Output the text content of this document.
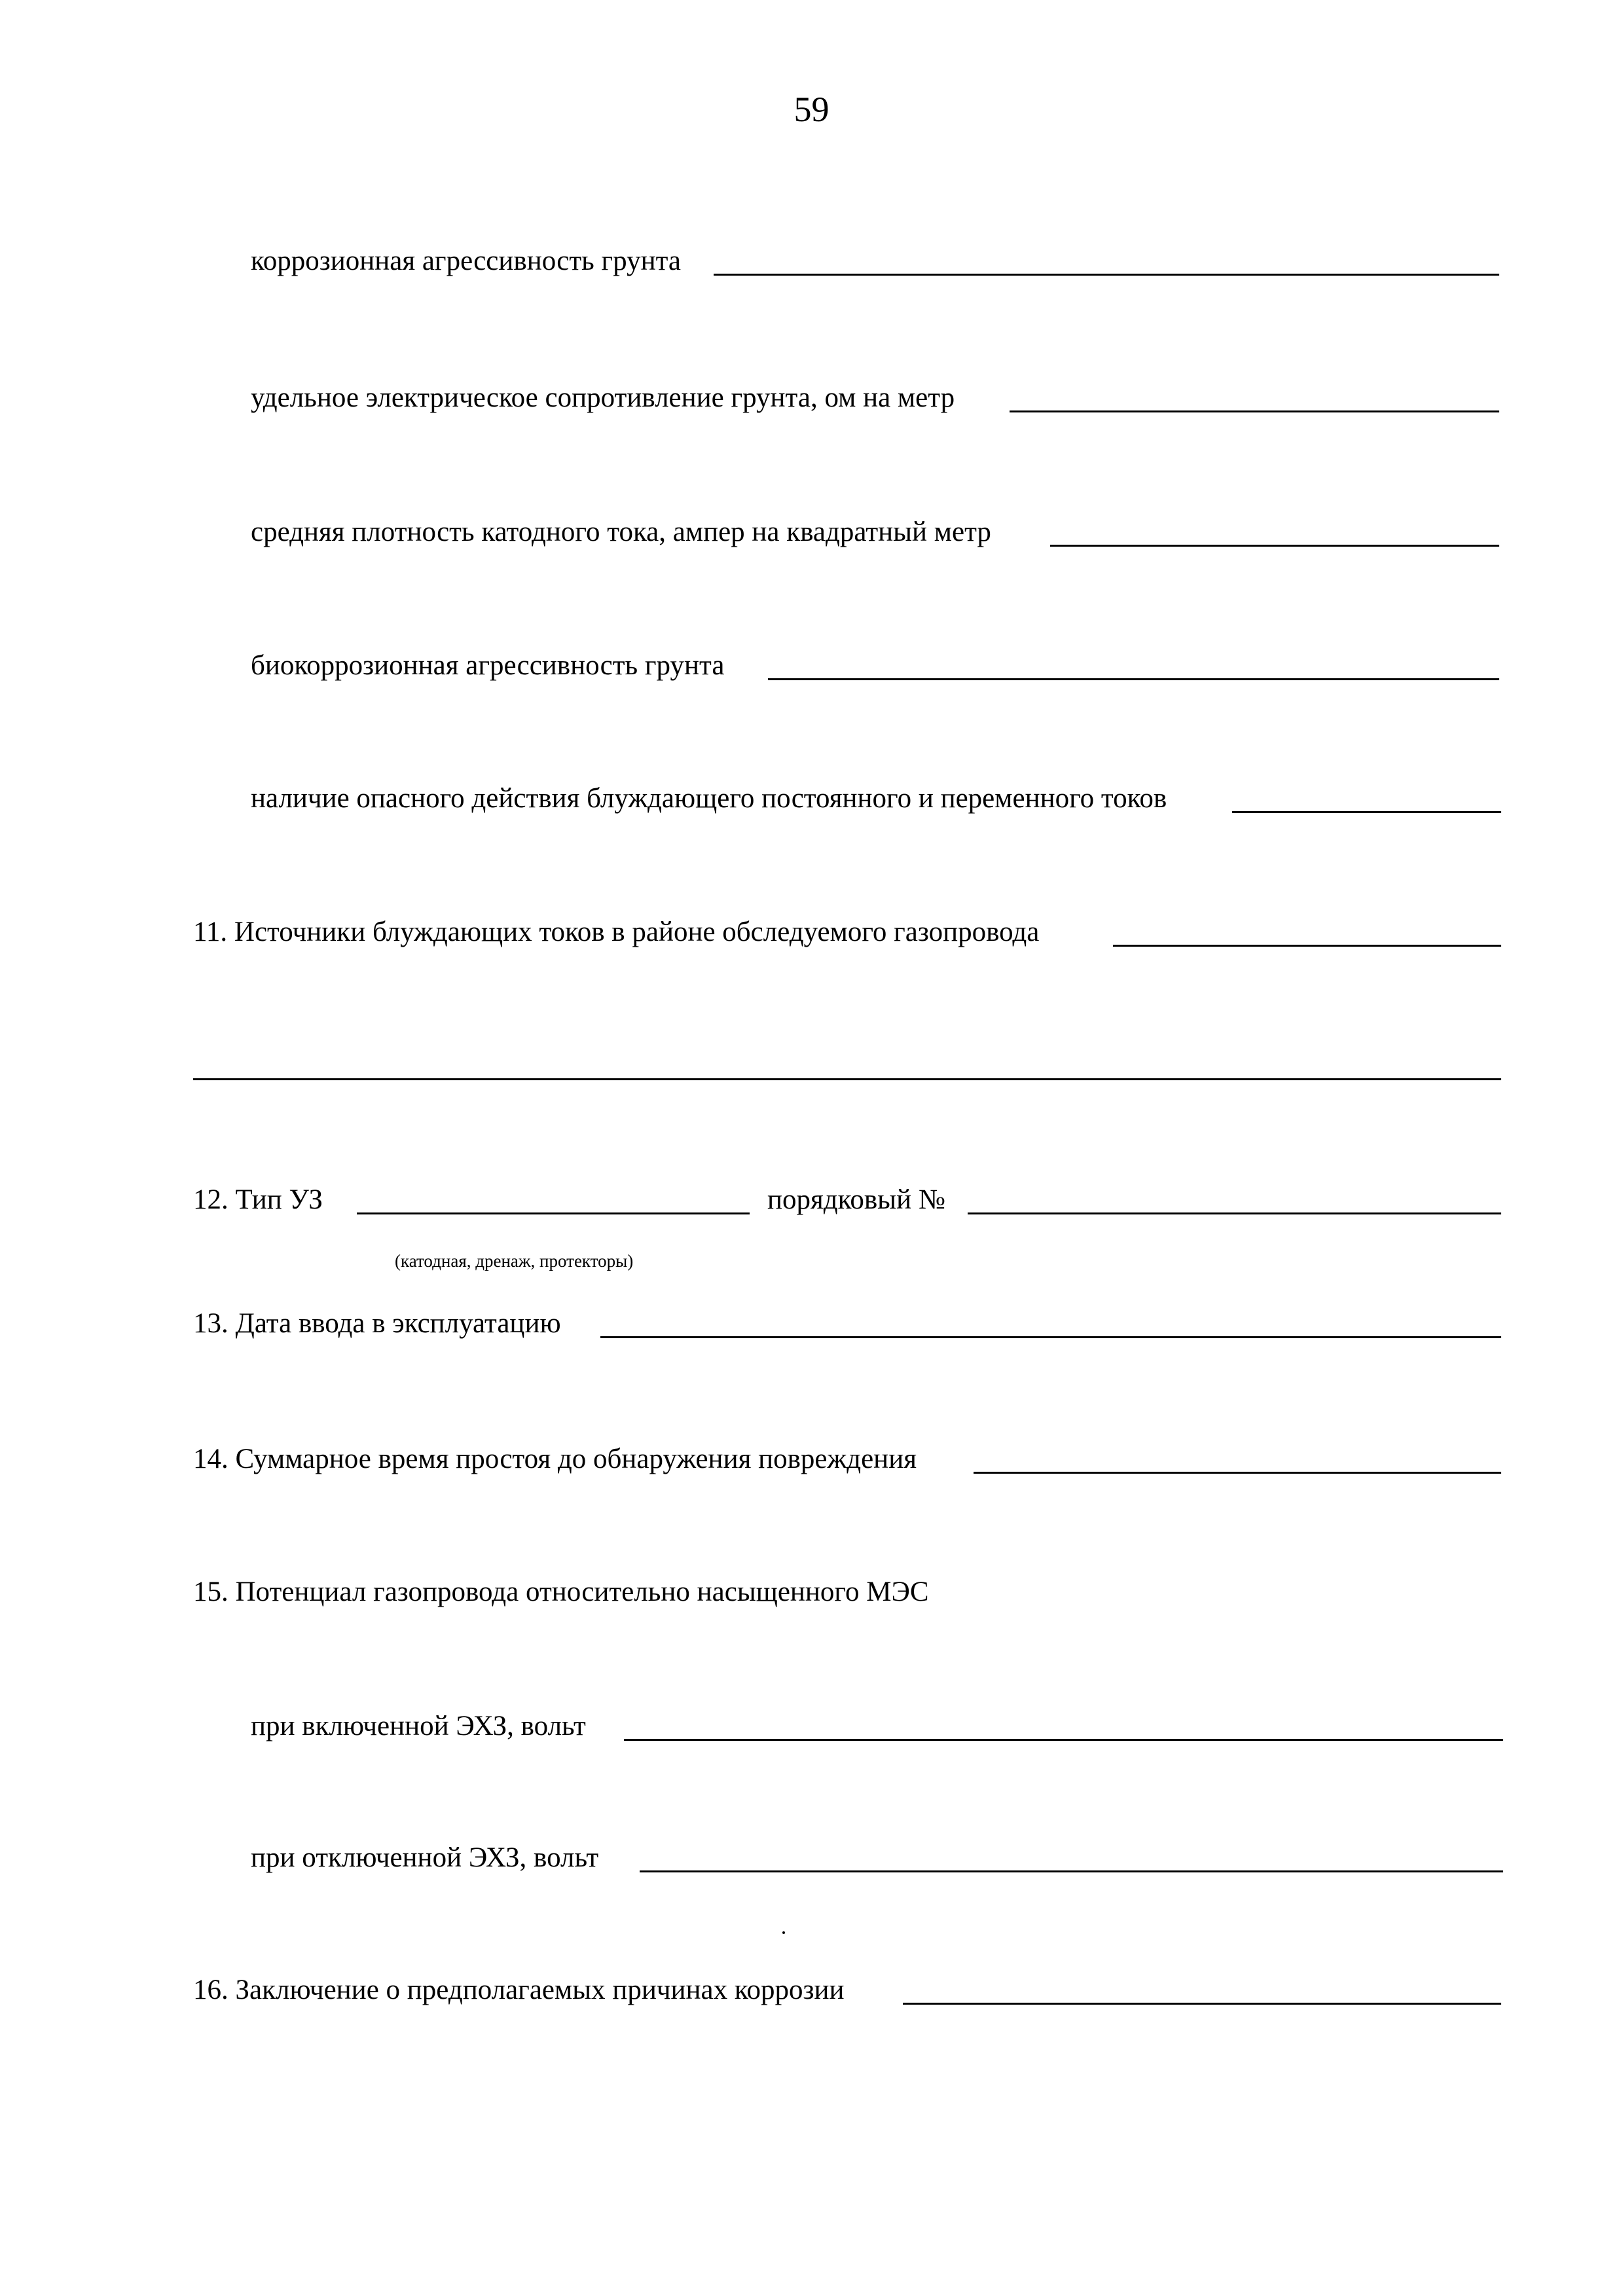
59
коррозионная агрессивность грунта
удельное электрическое сопротивление грунта, ом на метр
средняя плотность катодного тока, ампер на квадратный метр
биокоррозионная агрессивность грунта
наличие опасного действия блуждающего постоянного и переменного токов
11. Источники блуждающих токов в районе обследуемого газопровода
12. Тип УЗ	порядковый №
(катодная, дренаж, протекторы)
13. Дата ввода в эксплуатацию
14. Суммарное время простоя до обнаружения повреждения
15. Потенциал газопровода относительно насыщенного МЭС
при включенной ЭХЗ, вольт
при отключенной ЭХЗ, вольт
16. Заключение о предполагаемых причинах коррозии
